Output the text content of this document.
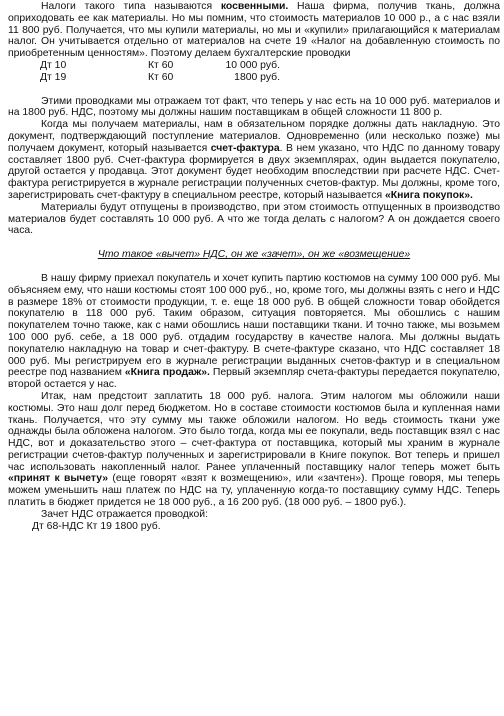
Налоги такого типа называются косвенными. Наша фирма, получив ткань, должна оприходовать ее как материалы. Но мы помним, что стоимость материалов 10 000 р., а с нас взяли 11 800 руб. Получается, что мы купили материалы, но мы и «купили» прилагающийся к материалам налог. Он учитывается отдельно от материалов на счете 19 «Налог на добавленную стоимость по приобретенным ценностям». Поэтому делаем бухгалтерские проводки

Дт 10	Кт 60	10 000 руб.
Дт 19	Кт 60	1800 руб.

Этими проводками мы отражаем тот факт, что теперь у нас есть на 10 000 руб. материалов и на 1800 руб. НДС, поэтому мы должны нашим поставщикам в общей сложности 11 800 р.

Когда мы получаем материалы, нам в обязательном порядке должны дать накладную. Это документ, подтверждающий поступление материалов. Одновременно (или несколько позже) мы получаем документ, который называется счет-фактура. В нем указано, что НДС по данному товару составляет 1800 руб. Счет-фактура формируется в двух экземплярах, один выдается покупателю, другой остается у продавца. Этот документ будет необходим впоследствии при расчете НДС. Счет-фактура регистрируется в журнале регистрации полученных счетов-фактур. Мы должны, кроме того, зарегистрировать счет-фактуру в специальном реестре, который называется «Книга покупок».

Материалы будут отпущены в производство, при этом стоимость отпущенных в производство материалов будет составлять 10 000 руб. А что же тогда делать с налогом? А он дождается своего часа.

Что такое «вычет» НДС, он же «зачет», он же «возмещение»

В нашу фирму приехал покупатель и хочет купить партию костюмов на сумму 100 000 руб. Мы объясняем ему, что наши костюмы стоят 100 000 руб., но, кроме того, мы должны взять с него и НДС в размере 18% от стоимости продукции, т. е. еще 18 000 руб. В общей сложности товар обойдется покупателю в 118 000 руб. Таким образом, ситуация повторяется. Мы обошлись с нашим покупателем точно также, как с нами обошлись наши поставщики ткани. И точно также, мы возьмем 100 000 руб. себе, а 18 000 руб. отдадим государству в качестве налога. Мы должны выдать покупателю накладную на товар и счет-фактуру. В счете-фактуре сказано, что НДС составляет 18 000 руб. Мы регистрируем его в журнале регистрации выданных счетов-фактур и в специальном реестре под названием «Книга продаж». Первый экземпляр счета-фактуры передается покупателю, второй остается у нас.

Итак, нам предстоит заплатить 18 000 руб. налога. Этим налогом мы обложили наши костюмы. Это наш долг перед бюджетом. Но в составе стоимости костюмов была и купленная нами ткань. Получается, что эту сумму мы также обложили налогом. Но ведь стоимость ткани уже однажды была обложена налогом. Это было тогда, когда мы ее покупали, ведь поставщик взял с нас НДС, вот и доказательство этого – счет-фактура от поставщика, который мы храним в журнале регистрации счетов-фактур полученных и зарегистрировали в Книге покупок. Вот теперь и пришел час использовать накопленный налог. Ранее уплаченный поставщику налог теперь может быть «принят к вычету» (еще говорят «взят к возмещению», или «зачтен»). Проще говоря, мы теперь можем уменьшить наш платеж по НДС на ту, уплаченную когда-то поставщику сумму НДС. Теперь платить в бюджет придется не 18 000 руб., а 16 200 руб. (18 000 руб. – 1800 руб.).

Зачет НДС отражается проводкой:

Дт 68-НДС Кт 19 1800 руб.
